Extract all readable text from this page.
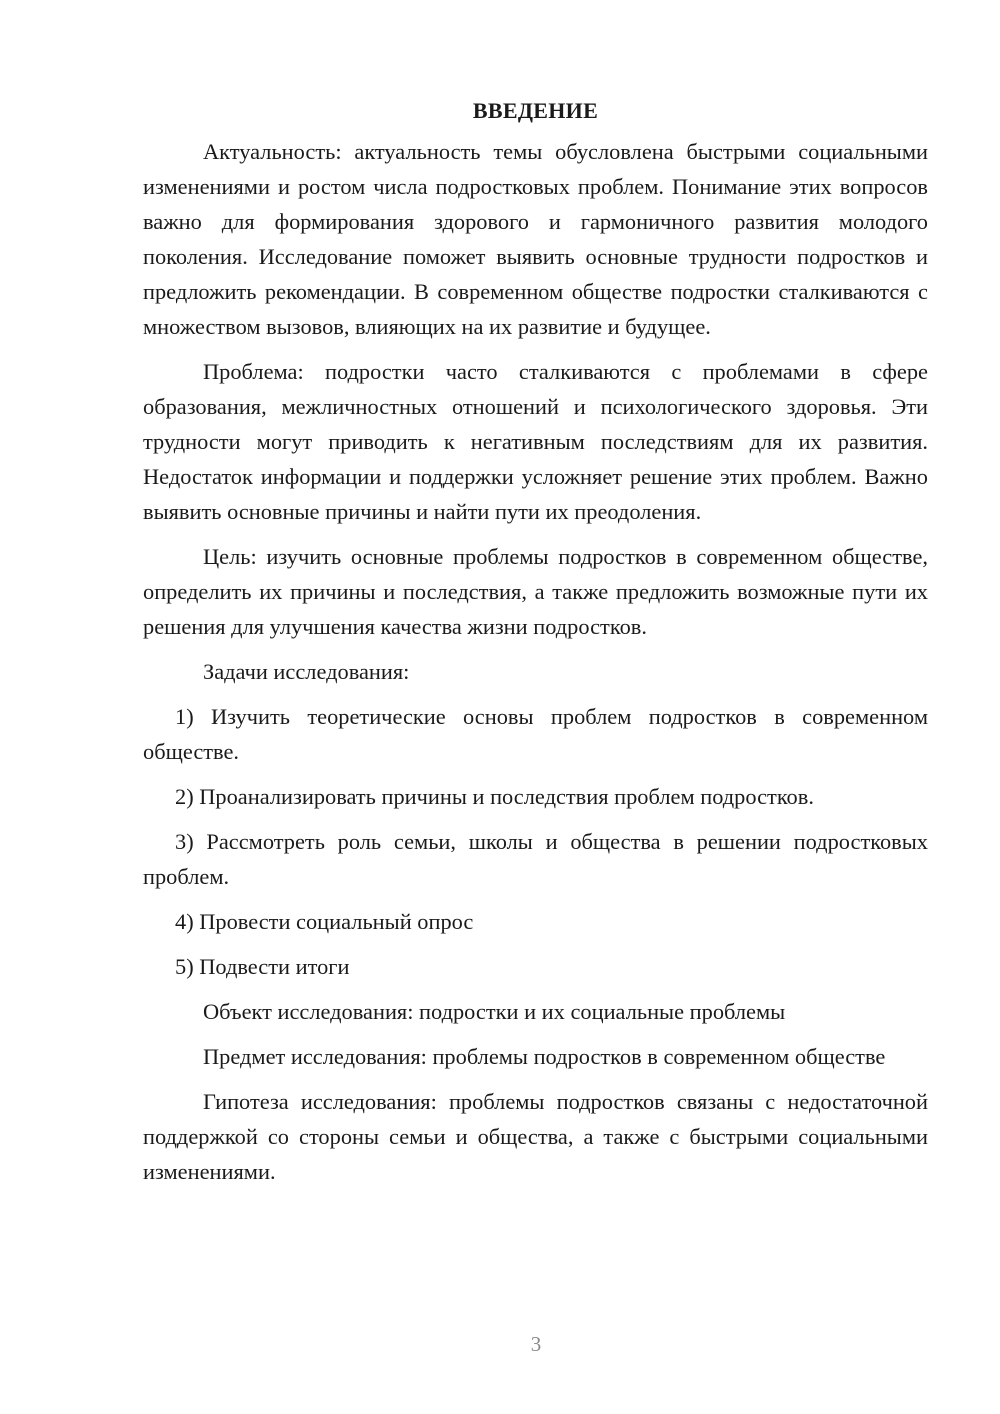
ВВЕДЕНИЕ

Актуальность: актуальность темы обусловлена быстрыми социальными изменениями и ростом числа подростковых проблем. Понимание этих вопросов важно для формирования здорового и гармоничного развития молодого поколения. Исследование поможет выявить основные трудности подростков и предложить рекомендации. В современном обществе подростки сталкиваются с множеством вызовов, влияющих на их развитие и будущее.

Проблема: подростки часто сталкиваются с проблемами в сфере образования, межличностных отношений и психологического здоровья. Эти трудности могут приводить к негативным последствиям для их развития. Недостаток информации и поддержки усложняет решение этих проблем. Важно выявить основные причины и найти пути их преодоления.

Цель: изучить основные проблемы подростков в современном обществе, определить их причины и последствия, а также предложить возможные пути их решения для улучшения качества жизни подростков.

Задачи исследования:

1) Изучить теоретические основы проблем подростков в современном обществе.

2) Проанализировать причины и последствия проблем подростков.

3) Рассмотреть роль семьи, школы и общества в решении подростковых проблем.

4) Провести социальный опрос

5) Подвести итоги

Объект исследования: подростки и их социальные проблемы

Предмет исследования: проблемы подростков в современном обществе

Гипотеза исследования: проблемы подростков связаны с недостаточной поддержкой со стороны семьи и общества, а также с быстрыми социальными изменениями.

3
